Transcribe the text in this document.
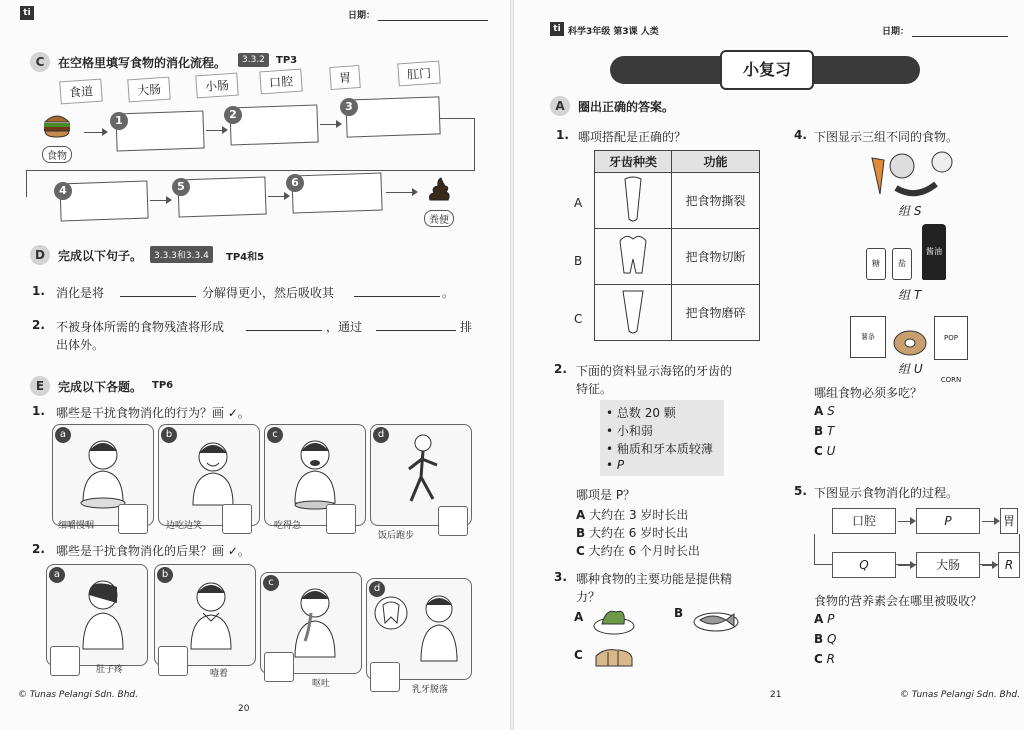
ti	日期：
C	在空格里填写食物的消化流程。	3.3.2	TP3
食道	大肠	小肠	口腔	胃	肛门
食物
1	2
3
4	5	6
粪便
D	完成以下句子。	3.3.3和3.3.4	TP4和5
1. 消化是将	分解得更小，然后吸收其	。
2. 不被身体所需的食物残渣将形成	，通过	排
出体外。
E	完成以下各题。 TP6
1. 哪些是干扰食物消化的行为？画 ✓。
a
细嚼慢咽
b
边吃边笑
c
吃得急
d
饭后跑步
2. 哪些是干扰食物消化的后果？画 ✓。
a
肚子疼
b
噎着
c
呕吐
d
乳牙脱落
© Tunas Pelangi Sdn. Bhd.
20
ti 科学3年级 第3课 人类	日期：
小复习
A	圈出正确的答案。
1. 哪项搭配是正确的？
牙齿种类	功能
	把食物撕裂
	把食物切断
	把食物磨碎
A
B
C
2. 下面的资料显示海铭的牙齿的
特征。
• 总数 20 颗
• 小和弱
• 釉质和牙本质较薄
• P
哪项是 P？
A 大约在 3 岁时长出
B 大约在 6 岁时长出
C 大约在 6 个月时长出
3. 哪种食物的主要功能是提供精
力？
A	B
C
4. 下图显示三组不同的食物。
组 S
糖	盐
酱油
组 T
薯条	POP CORN
组 U
哪组食物必须多吃？
A S
B T
C U
5. 下图显示食物消化的过程。
口腔	P	胃
Q	大肠	R
食物的营养素会在哪里被吸收？
A P
B Q
C R
21	© Tunas Pelangi Sdn. Bhd.
